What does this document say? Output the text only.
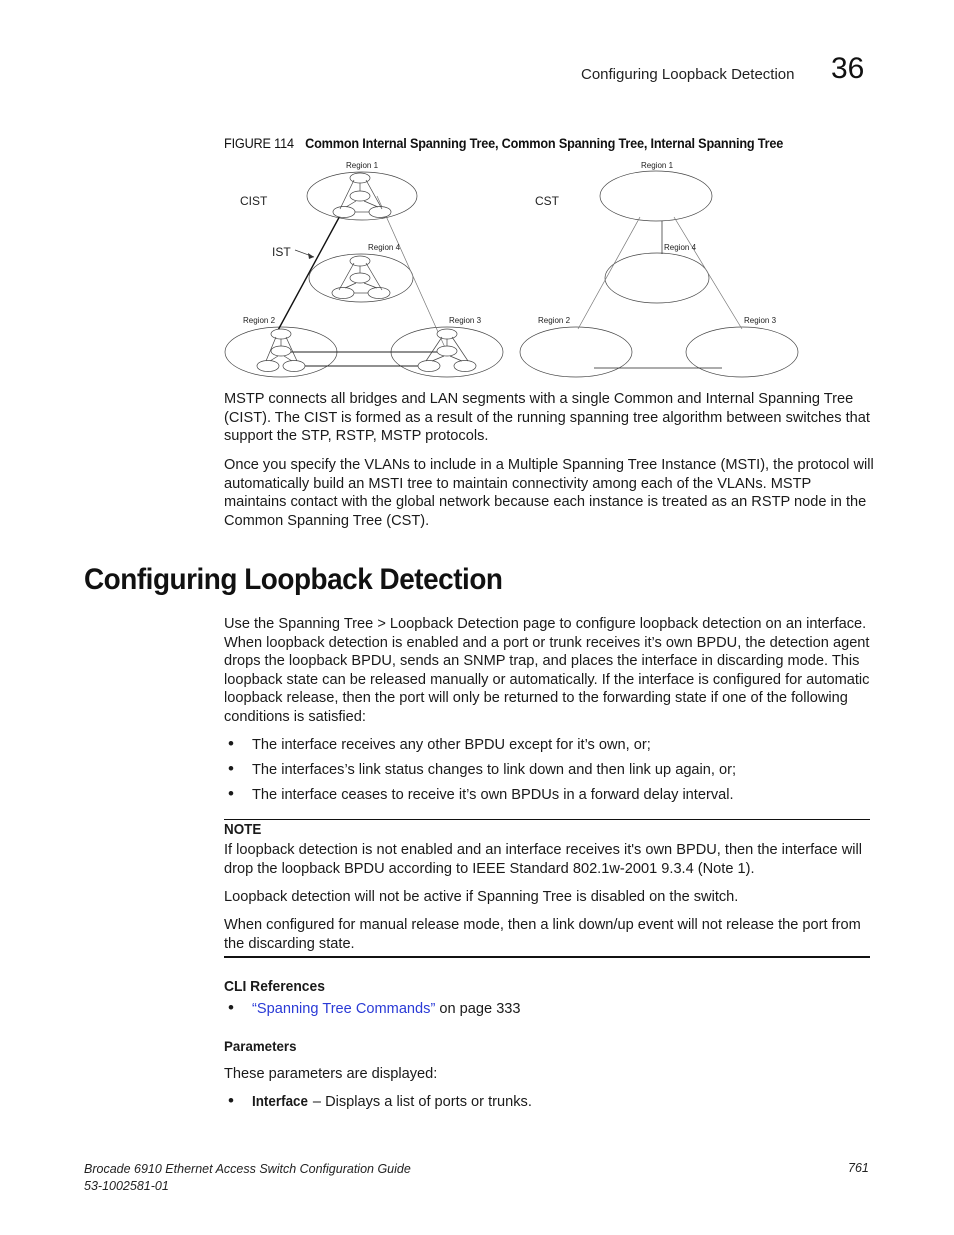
Configuring Loopback Detection 36
FIGURE 114 Common Internal Spanning Tree, Common Spanning Tree, Internal Spanning Tree
Region 1
CIST
IST	Region 4
Region 2	Region 3
Region 1
CST
Region 4
Region 2	Region 3
MSTP connects all bridges and LAN segments with a single Common and Internal Spanning Tree (CIST). The CIST is formed as a result of the running spanning tree algorithm between switches that support the STP, RSTP, MSTP protocols.
Once you specify the VLANs to include in a Multiple Spanning Tree Instance (MSTI), the protocol will automatically build an MSTI tree to maintain connectivity among each of the VLANs. MSTP maintains contact with the global network because each instance is treated as an RSTP node in the Common Spanning Tree (CST).
Configuring Loopback Detection
Use the Spanning Tree > Loopback Detection page to configure loopback detection on an interface. When loopback detection is enabled and a port or trunk receives it’s own BPDU, the detection agent drops the loopback BPDU, sends an SNMP trap, and places the interface in discarding mode. This loopback state can be released manually or automatically. If the interface is configured for automatic loopback release, then the port will only be returned to the forwarding state if one of the following conditions is satisfied:
• The interface receives any other BPDU except for it’s own, or;
• The interfaces’s link status changes to link down and then link up again, or;
• The interface ceases to receive it’s own BPDUs in a forward delay interval.
NOTE
If loopback detection is not enabled and an interface receives it's own BPDU, then the interface will drop the loopback BPDU according to IEEE Standard 802.1w-2001 9.3.4 (Note 1).
Loopback detection will not be active if Spanning Tree is disabled on the switch.
When configured for manual release mode, then a link down/up event will not release the port from the discarding state.
CLI References
• “Spanning Tree Commands” on page 333
Parameters
These parameters are displayed:
• Interface – Displays a list of ports or trunks.
Brocade 6910 Ethernet Access Switch Configuration Guide
53-1002581-01
761
